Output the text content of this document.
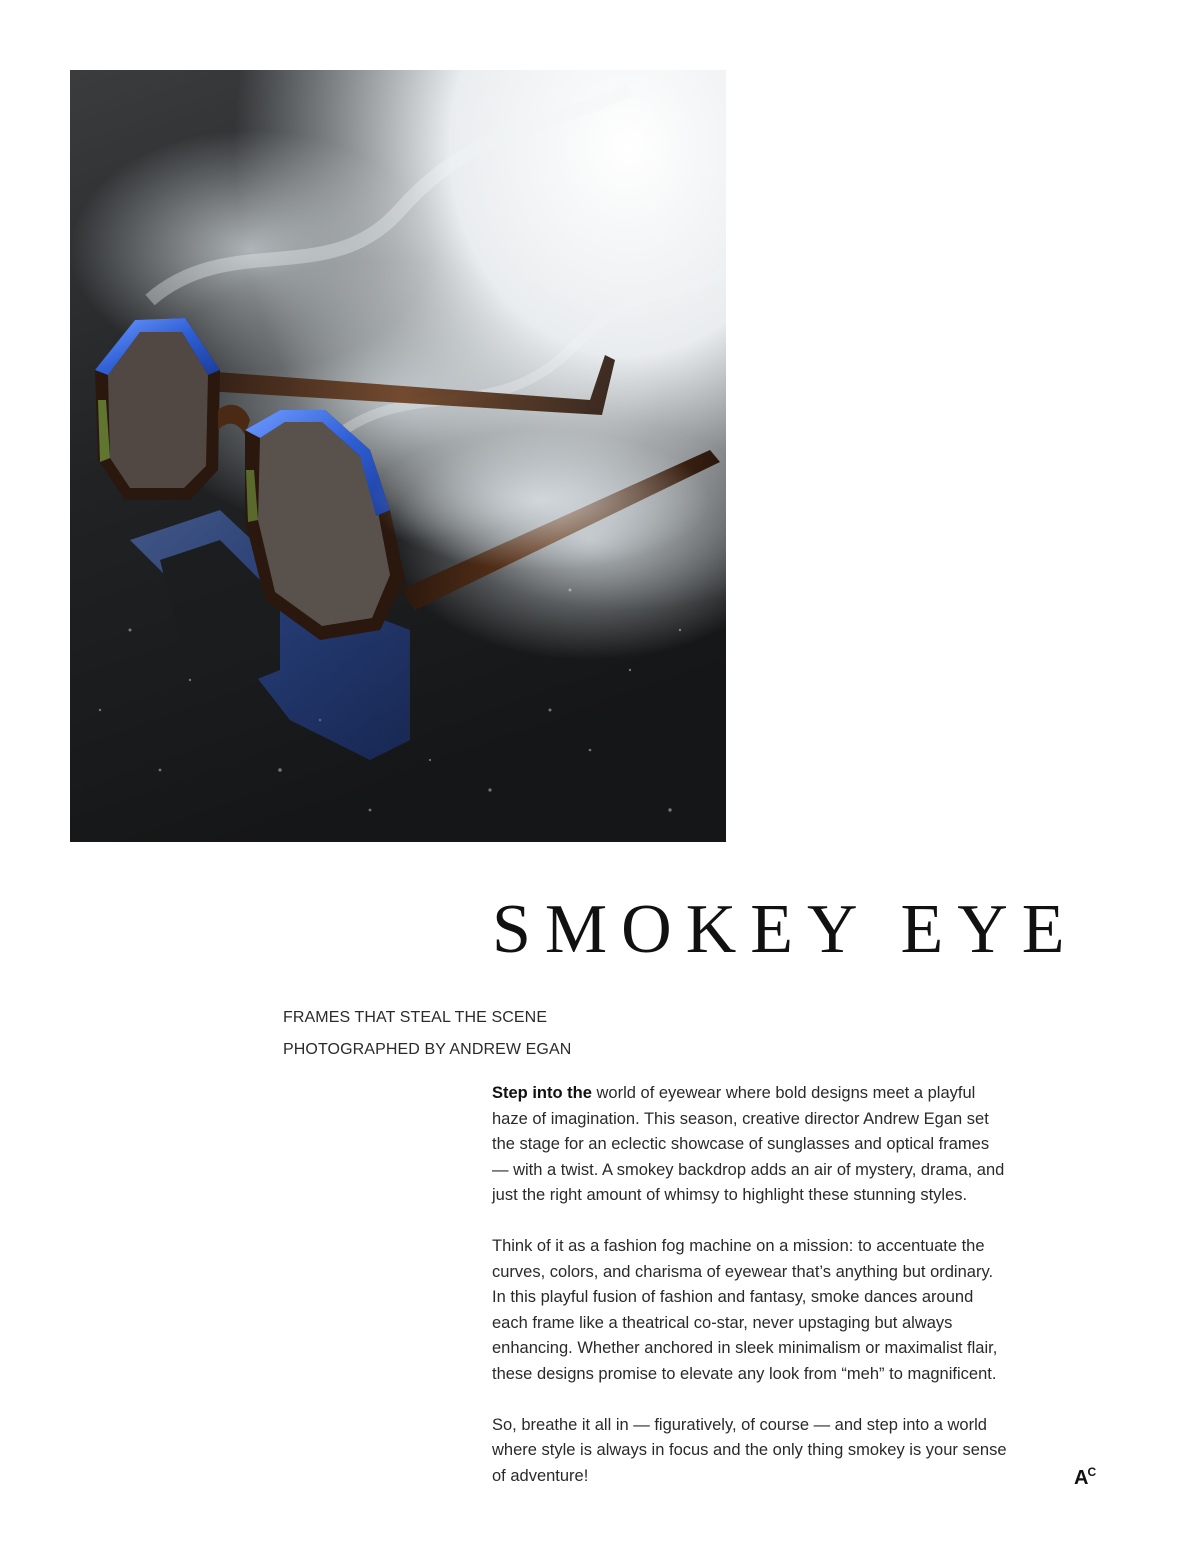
SMOKEY EYE
FRAMES THAT STEAL THE SCENE
PHOTOGRAPHED BY ANDREW EGAN

Step into the world of eyewear where bold designs meet a playful
haze of imagination. This season, creative director Andrew Egan set
the stage for an eclectic showcase of sunglasses and optical frames
— with a twist. A smokey backdrop adds an air of mystery, drama, and
just the right amount of whimsy to highlight these stunning styles.

Think of it as a fashion fog machine on a mission: to accentuate the
curves, colors, and charisma of eyewear that’s anything but ordinary.
In this playful fusion of fashion and fantasy, smoke dances around
each frame like a theatrical co-star, never upstaging but always
enhancing. Whether anchored in sleek minimalism or maximalist flair,
these designs promise to elevate any look from “meh” to magnificent.

So, breathe it all in — figuratively, of course — and step into a world
where style is always in focus and the only thing smokey is your sense
of adventure!	$A^C$
